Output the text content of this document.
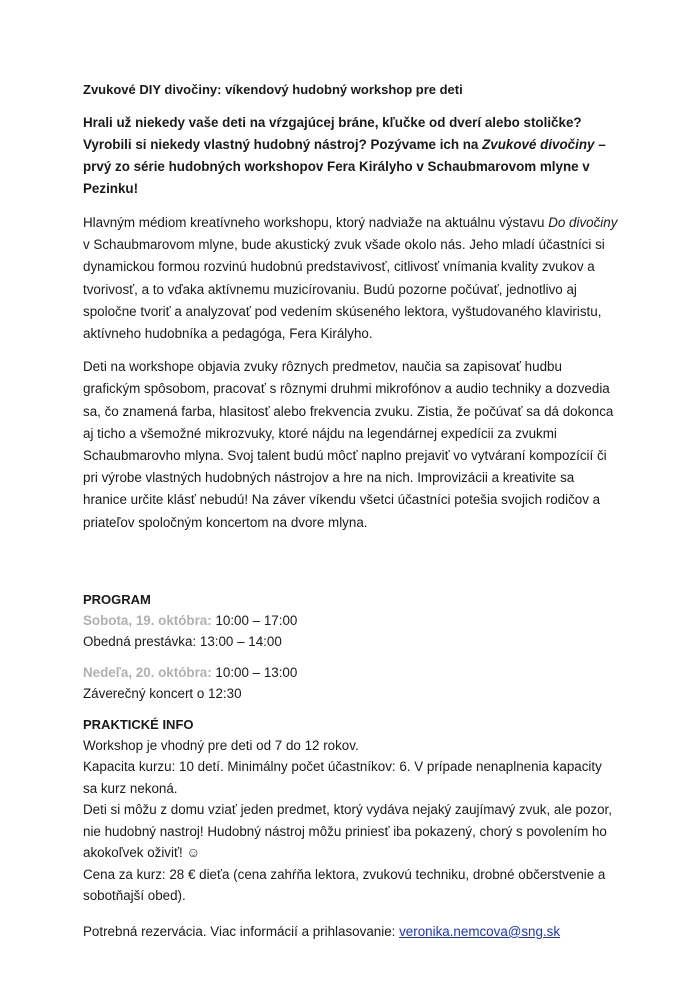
Zvukové DIY divočiny: víkendový hudobný workshop pre deti

Hrali už niekedy vaše deti na vŕzgajúcej bráne, kľučke od dverí alebo stoličke? Vyrobili si niekedy vlastný hudobný nástroj? Pozývame ich na Zvukové divočiny – prvý zo série hudobných workshopov Fera Királyho v Schaubmarovom mlyne v Pezinku!

Hlavným médiom kreatívneho workshopu, ktorý nadviaže na aktuálnu výstavu Do divočiny v Schaubmarovom mlyne, bude akustický zvuk všade okolo nás. Jeho mladí účastníci si dynamickou formou rozvinú hudobnú predstavivosť, citlivosť vnímania kvality zvukov a tvorivosť, a to vďaka aktívnemu muzicírovaniu. Budú pozorne počúvať, jednotlivo aj spoločne tvoriť a analyzovať pod vedením skúseného lektora, vyštudovaného klaviristu, aktívneho hudobníka a pedagóga, Fera Királyho.

Deti na workshope objavia zvuky rôznych predmetov, naučia sa zapisovať hudbu grafickým spôsobom, pracovať s rôznymi druhmi mikrofónov a audio techniky a dozvedia sa, čo znamená farba, hlasitosť alebo frekvencia zvuku. Zistia, že počúvať sa dá dokonca aj ticho a všemožné mikrozvuky, ktoré nájdu na legendárnej expedícii za zvukmi Schaubmarovho mlyna. Svoj talent budú môcť naplno prejaviť vo vytváraní kompozícií či pri výrobe vlastných hudobných nástrojov a hre na nich. Improvizácii a kreativite sa hranice určite klásť nebudú! Na záver víkendu všetci účastníci potešia svojich rodičov a priateľov spoločným koncertom na dvore mlyna.

PROGRAM

Sobota, 19. októbra: 10:00 – 17:00

Obedná prestávka: 13:00 – 14:00

Nedeľa, 20. októbra: 10:00 – 13:00

Záverečný koncert o 12:30

PRAKTICKÉ INFO

Workshop je vhodný pre deti od 7 do 12 rokov.

Kapacita kurzu: 10 detí. Minimálny počet účastníkov: 6. V prípade nenaplnenia kapacity sa kurz nekoná.

Deti si môžu z domu vziať jeden predmet, ktorý vydáva nejaký zaujímavý zvuk, ale pozor, nie hudobný nastroj! Hudobný nástroj môžu priniesť iba pokazený, chorý s povolením ho akokoľvek oživiť! ☺

Cena za kurz: 28 € dieťa (cena zahŕňa lektora, zvukovú techniku, drobné občerstvenie a sobotňajší obed).

Potrebná rezervácia. Viac informácií a prihlasovanie: veronika.nemcova@sng.sk
